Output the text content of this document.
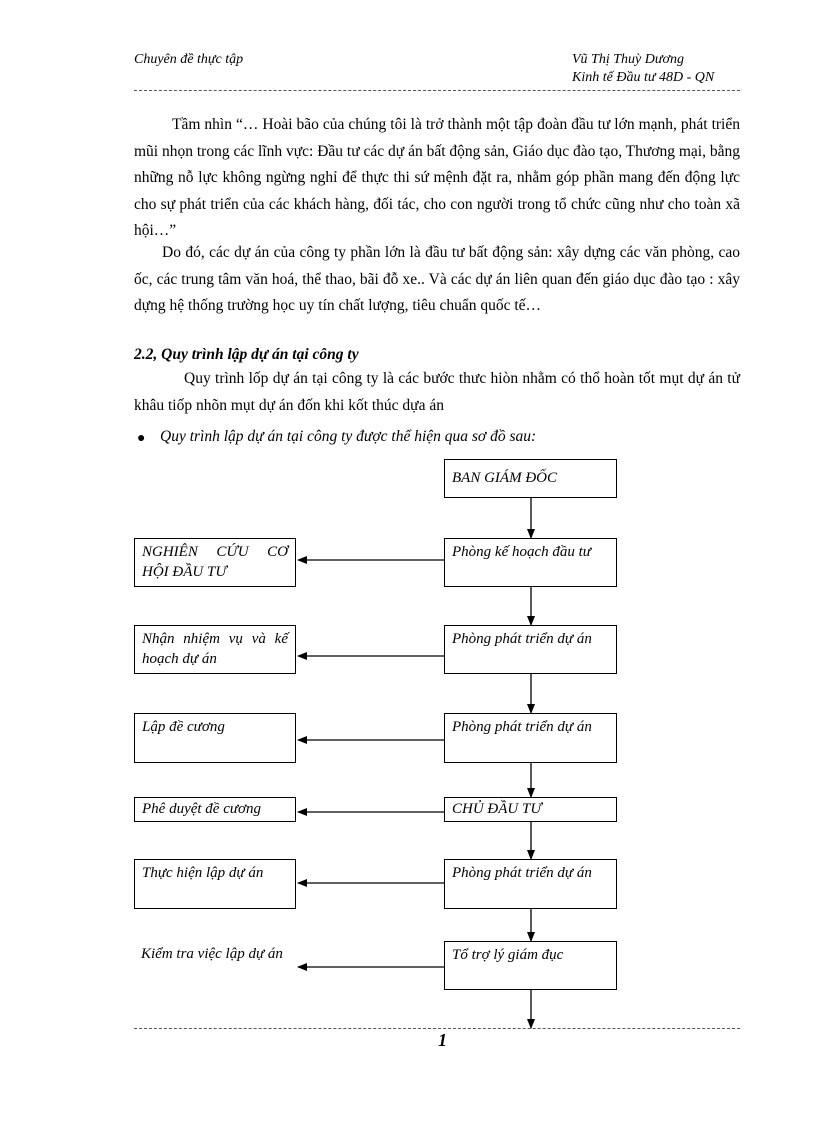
Chuyên đề thực tập	Vũ Thị Thuỳ Dương
Kinh tế Đầu tư 48D - QN
Tầm nhìn “… Hoài bão của chúng tôi là trở thành một tập đoàn đầu tư lớn mạnh, phát triển mũi nhọn trong các lĩnh vực: Đầu tư các dự án bất động sản, Giáo dục đào tạo, Thương mại, bằng những nỗ lực không ngừng nghỉ để thực thi sứ mệnh đặt ra, nhằm góp phần mang đến động lực cho sự phát triển của các khách hàng, đối tác, cho con người trong tổ chức cũng như cho toàn xã hội…”
Do đó, các dự án của công ty phần lớn là đầu tư bất động sản: xây dựng các văn phòng, cao ốc, các trung tâm văn hoá, thể thao, bãi đỗ xe.. Và các dự án liên quan đến giáo dục đào tạo : xây dựng hệ thống trường học uy tín chất lượng, tiêu chuẩn quốc tế…
2.2, Quy trình lập dự án tại công ty
Quy trình lốp dự án tại công ty là các bước thưc hiòn nhằm có thổ hoàn tốt mụt dự án tử khâu tiốp nhõn mụt dự án đốn khi kốt thúc dựa án
● Quy trình lập dự án tại công ty được thể hiện qua sơ đồ sau:
BAN GIÁM ĐỐC
Phòng kế hoạch đầu tư
Phòng phát triển dự án
Phòng phát triển dự án
CHỦ ĐẦU TƯ
Phòng phát triển dự án
Tổ trợ lý giám đục
NGHIÊN CỨU CƠ HỘI ĐẦU TƯ
Nhận nhiệm vụ và kế hoạch dự án
Lập đề cương
Phê duyệt đề cương
Thực hiện lập dự án
Kiểm tra việc lập dự án
1
